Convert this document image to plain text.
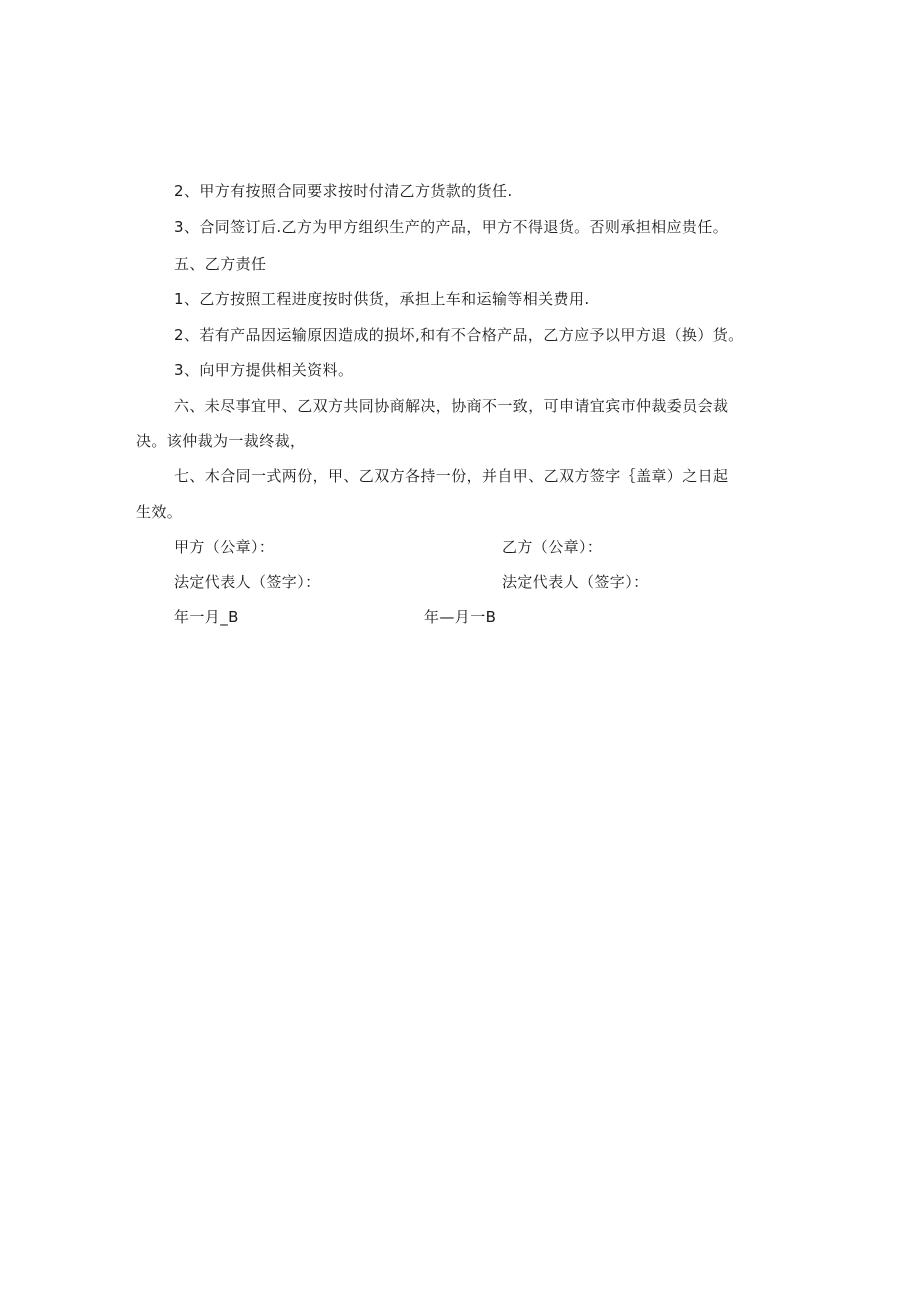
2、甲方有按照合同要求按时付清乙方货款的货任.
3、合同签订后.乙方为甲方组织生产的产品，甲方不得退货。否则承担相应贵任。
五、乙方责任
1、乙方按照工程进度按时供货，承担上车和运输等相关费用.
2、若有产品因运输原因造成的损坏,和有不合格产品，乙方应予以甲方退（换）货。
3、向甲方提供相关资料。
六、未尽事宜甲、乙双方共同协商解决，协商不一致，可申请宜宾市仲裁委员会裁
决。该仲裁为一裁终裁，
七、木合同一式两份，甲、乙双方各持一份，并自甲、乙双方签字｛盖章）之日起
生效。
甲方（公章）：	乙方（公章）：
法定代表人（签字）：	法定代表人（签字）：
年一月_B	年—月一B
